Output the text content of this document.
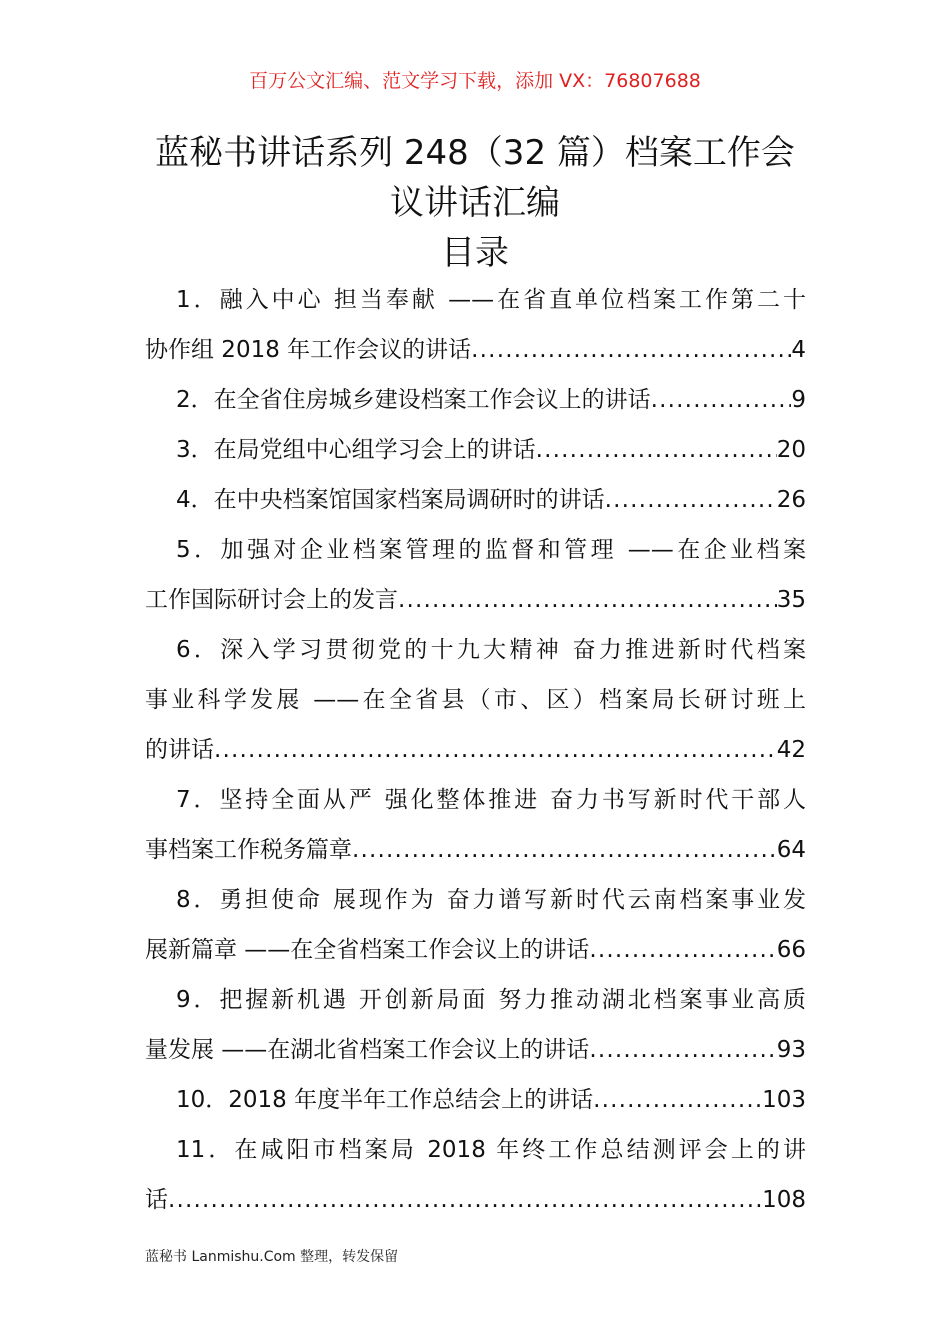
百万公文汇编、范文学习下载，添加 VX：76807688
蓝秘书讲话系列 248（32 篇）档案工作会
议讲话汇编
目录
1．融入中心 担当奉献 ——在省直单位档案工作第二十
协作组 2018 年工作会议的讲话 .....	4
2．在全省住房城乡建设档案工作会议上的讲话 .....	9
3．在局党组中心组学习会上的讲话 .....	20
4．在中央档案馆国家档案局调研时的讲话 .....	26
5．加强对企业档案管理的监督和管理 ——在企业档案
工作国际研讨会上的发言 .....	35
6．深入学习贯彻党的十九大精神 奋力推进新时代档案
事业科学发展 ——在全省县（市、区）档案局长研讨班上
的讲话 .....	42
7．坚持全面从严 强化整体推进 奋力书写新时代干部人
事档案工作税务篇章 .....	64
8．勇担使命 展现作为 奋力谱写新时代云南档案事业发
展新篇章 ——在全省档案工作会议上的讲话 .....	66
9．把握新机遇 开创新局面 努力推动湖北档案事业高质
量发展 ——在湖北省档案工作会议上的讲话 .....	93
10．2018 年度半年工作总结会上的讲话 .....	103
11．在咸阳市档案局 2018 年终工作总结测评会上的讲
话 .....	108
蓝秘书 Lanmishu.Com 整理，转发保留
